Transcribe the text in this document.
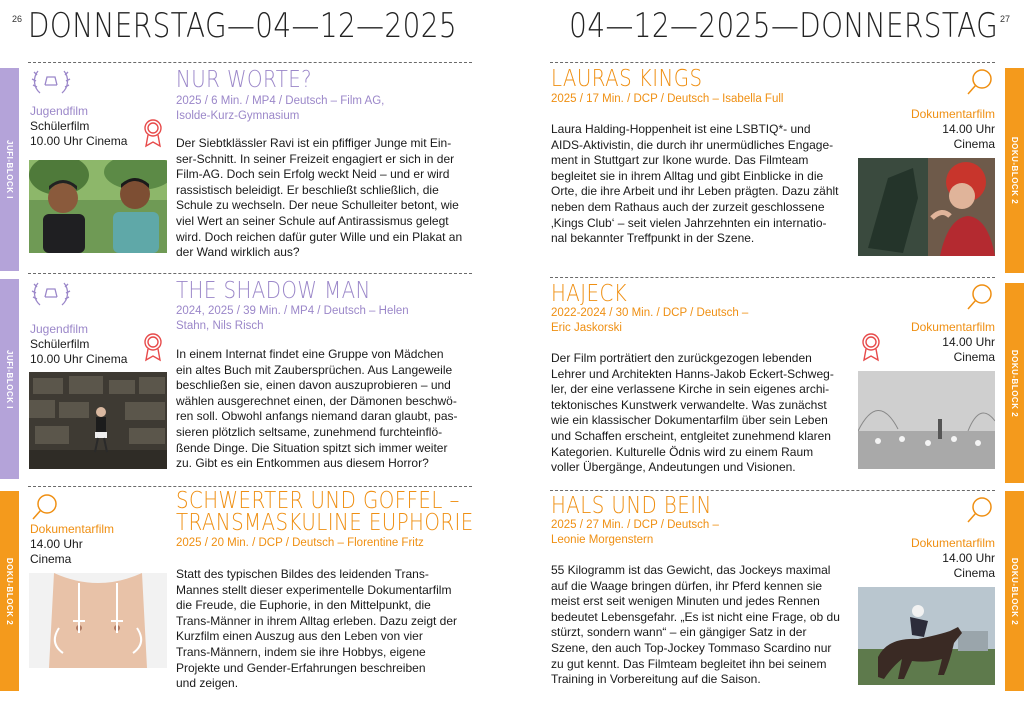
26 DONNERSTAG—04—12—2025
JUFI-BLOCK I
Jugendfilm
Schülerfilm
10.00 Uhr Cinema
NUR WORTE?
2025 / 6 Min. / MP4 / Deutsch – Film AG,
Isolde-Kurz-Gymnasium
Der Siebtklässler Ravi ist ein pfiffiger Junge mit Ein-
ser-Schnitt. In seiner Freizeit engagiert er sich in der
Film-AG. Doch sein Erfolg weckt Neid – und er wird
rassistisch beleidigt. Er beschließt schließlich, die
Schule zu wechseln. Der neue Schulleiter betont, wie
viel Wert an seiner Schule auf Antirassismus gelegt
wird. Doch reichen dafür guter Wille und ein Plakat an
der Wand wirklich aus?
JUFI-BLOCK I
Jugendfilm
Schülerfilm
10.00 Uhr Cinema
THE SHADOW MAN
2024, 2025 / 39 Min. / MP4 / Deutsch – Helen
Stahn, Nils Risch
In einem Internat findet eine Gruppe von Mädchen
ein altes Buch mit Zaubersprüchen. Aus Langeweile
beschließen sie, einen davon auszuprobieren – und
wählen ausgerechnet einen, der Dämonen beschwö-
ren soll. Obwohl anfangs niemand daran glaubt, pas-
sieren plötzlich seltsame, zunehmend furchteinflö-
ßende Dinge. Die Situation spitzt sich immer weiter
zu. Gibt es ein Entkommen aus diesem Horror?
DOKU-BLOCK 2
Dokumentarfilm
14.00 Uhr
Cinema
SCHWERTER UND GOFFEL –
TRANSMASKULINE EUPHORIE
2025 / 20 Min. / DCP / Deutsch – Florentine Fritz
Statt des typischen Bildes des leidenden Trans-
Mannes stellt dieser experimentelle Dokumentarfilm
die Freude, die Euphorie, in den Mittelpunkt, die
Trans-Männer in ihrem Alltag erleben. Dazu zeigt der
Kurzfilm einen Auszug aus den Leben von vier
Trans-Männern, indem sie ihre Hobbys, eigene
Projekte und Gender-Erfahrungen beschreiben
und zeigen.
27
04—12—2025—DONNERSTAG
DOKU-BLOCK 2
LAURAS KINGS
2025 / 17 Min. / DCP / Deutsch – Isabella Full
Laura Halding-Hoppenheit ist eine LSBTIQ*- und
AIDS-Aktivistin, die durch ihr unermüdliches Engage-
ment in Stuttgart zur Ikone wurde. Das Filmteam
begleitet sie in ihrem Alltag und gibt Einblicke in die
Orte, die ihre Arbeit und ihr Leben prägten. Dazu zählt
neben dem Rathaus auch der zurzeit geschlossene
‚Kings Club‘ – seit vielen Jahrzehnten ein internatio-
nal bekannter Treffpunkt in der Szene.
Dokumentarfilm
14.00 Uhr
Cinema
DOKU-BLOCK 2
HAJECK
2022-2024 / 30 Min. / DCP / Deutsch –
Eric Jaskorski
Der Film porträtiert den zurückgezogen lebenden
Lehrer und Architekten Hanns-Jakob Eckert-Schweg-
ler, der eine verlassene Kirche in sein eigenes archi-
tektonisches Kunstwerk verwandelte. Was zunächst
wie ein klassischer Dokumentarfilm über sein Leben
und Schaffen erscheint, entgleitet zunehmend klaren
Kategorien. Kulturelle Ödnis wird zu einem Raum
voller Übergänge, Andeutungen und Visionen.
Dokumentarfilm
14.00 Uhr
Cinema
DOKU-BLOCK 2
HALS UND BEIN
2025 / 27 Min. / DCP / Deutsch –
Leonie Morgenstern
55 Kilogramm ist das Gewicht, das Jockeys maximal
auf die Waage bringen dürfen, ihr Pferd kennen sie
meist erst seit wenigen Minuten und jedes Rennen
bedeutet Lebensgefahr. „Es ist nicht eine Frage, ob du
stürzt, sondern wann“ – ein gängiger Satz in der
Szene, den auch Top-Jockey Tommaso Scardino nur
zu gut kennt. Das Filmteam begleitet ihn bei seinem
Training in Vorbereitung auf die Saison.
Dokumentarfilm
14.00 Uhr
Cinema
